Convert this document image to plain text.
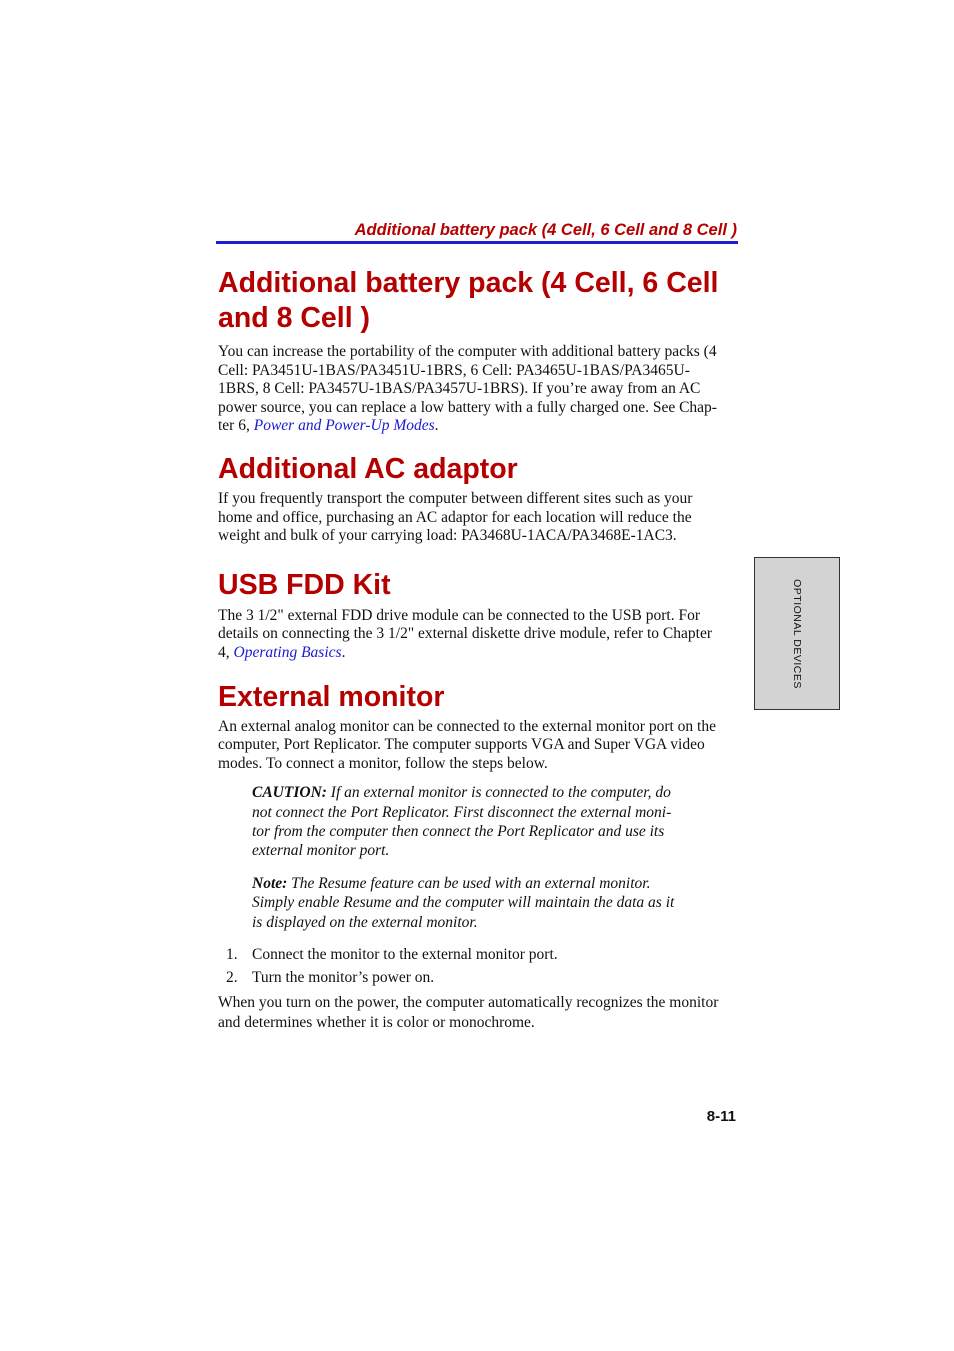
Additional battery pack (4 Cell, 6 Cell and 8 Cell )
Additional battery pack (4 Cell, 6 Cell
and 8 Cell )

You can increase the portability of the computer with additional battery packs (4
Cell: PA3451U-1BAS/PA3451U-1BRS, 6 Cell: PA3465U-1BAS/PA3465U-
1BRS, 8 Cell: PA3457U-1BAS/PA3457U-1BRS). If you’re away from an AC
power source, you can replace a low battery with a fully charged one. See Chap-
ter 6, Power and Power-Up Modes.

Additional AC adaptor

If you frequently transport the computer between different sites such as your
home and office, purchasing an AC adaptor for each location will reduce the
weight and bulk of your carrying load: PA3468U-1ACA/PA3468E-1AC3.

USB FDD Kit

The 3 1/2" external FDD drive module can be connected to the USB port. For
details on connecting the 3 1/2" external diskette drive module, refer to Chapter
4, Operating Basics.

External monitor

An external analog monitor can be connected to the external monitor port on the
computer, Port Replicator. The computer supports VGA and Super VGA video
modes. To connect a monitor, follow the steps below.

CAUTION: If an external monitor is connected to the computer, do
not connect the Port Replicator. First disconnect the external moni-
tor from the computer then connect the Port Replicator and use its
external monitor port.
Note: The Resume feature can be used with an external monitor.
Simply enable Resume and the computer will maintain the data as it
is displayed on the external monitor.
1. Connect the monitor to the external monitor port.
2. Turn the monitor’s power on.

When you turn on the power, the computer automatically recognizes the monitor
and determines whether it is color or monochrome.

OPTIONAL DEVICES
8-11
